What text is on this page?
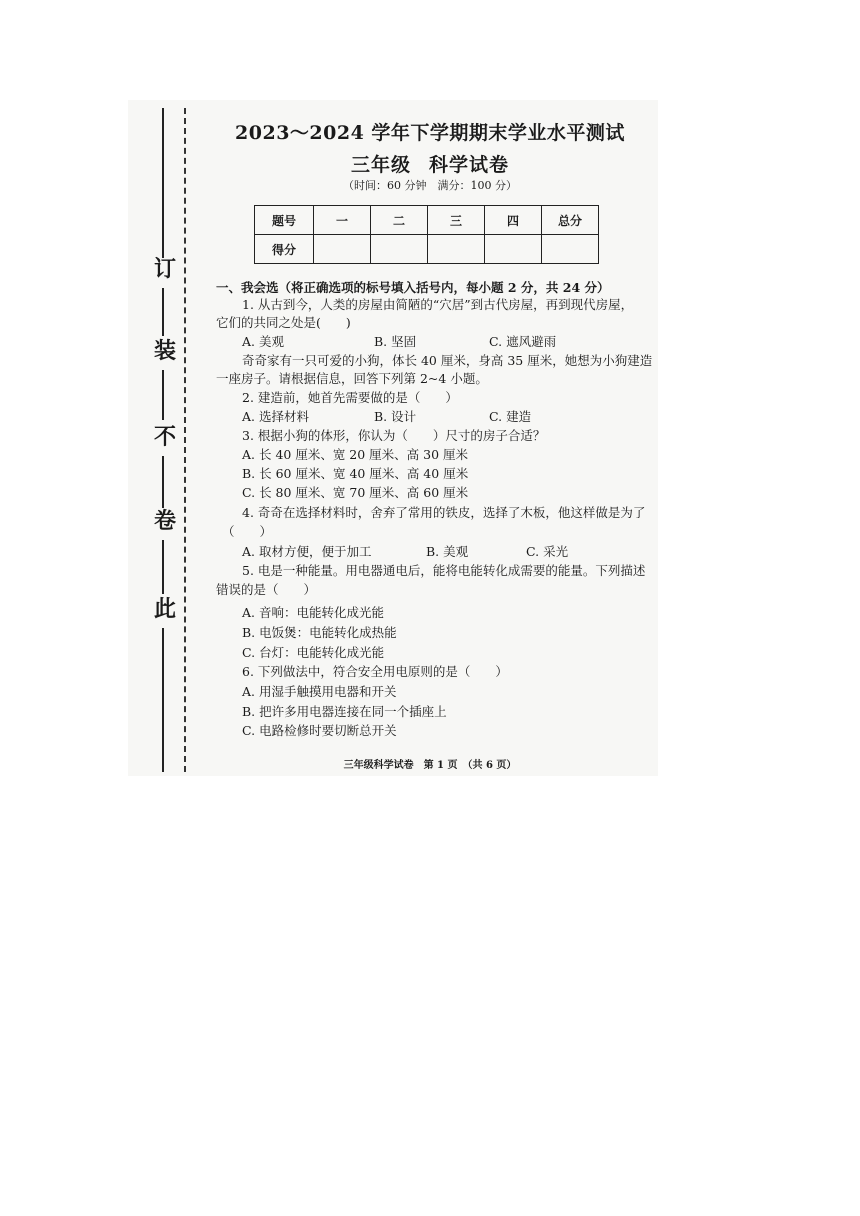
订
装
不
卷
此
2023～2024 学年下学期期末学业水平测试
三年级 科学试卷
（时间：60 分钟　满分：100 分）
题号	一	二	三	四	总分
得分					
一、我会选（将正确选项的标号填入括号内，每小题 2 分，共 24 分）
1. 从古到今，人类的房屋由简陋的“穴居”到古代房屋，再到现代房屋，
它们的共同之处是(　　)
A. 美观	B. 坚固	C. 遮风避雨
奇奇家有一只可爱的小狗，体长 40 厘米，身高 35 厘米，她想为小狗建造
一座房子。请根据信息，回答下列第 2~4 小题。
2. 建造前，她首先需要做的是（　　）
A. 选择材料	B. 设计	C. 建造
3. 根据小狗的体形，你认为（　　）尺寸的房子合适？
A. 长 40 厘米、宽 20 厘米、高 30 厘米
B. 长 60 厘米、宽 40 厘米、高 40 厘米
C. 长 80 厘米、宽 70 厘米、高 60 厘米
4. 奇奇在选择材料时，舍弃了常用的铁皮，选择了木板，他这样做是为了
（　　）
A. 取材方便，便于加工	B. 美观	C. 采光
5. 电是一种能量。用电器通电后，能将电能转化成需要的能量。下列描述
错误的是（　　）
A. 音响：电能转化成光能
B. 电饭煲：电能转化成热能
C. 台灯：电能转化成光能
6. 下列做法中，符合安全用电原则的是（　　）
A. 用湿手触摸用电器和开关
B. 把许多用电器连接在同一个插座上
C. 电路检修时要切断总开关
三年级科学试卷　第 1 页　（共 6 页）
